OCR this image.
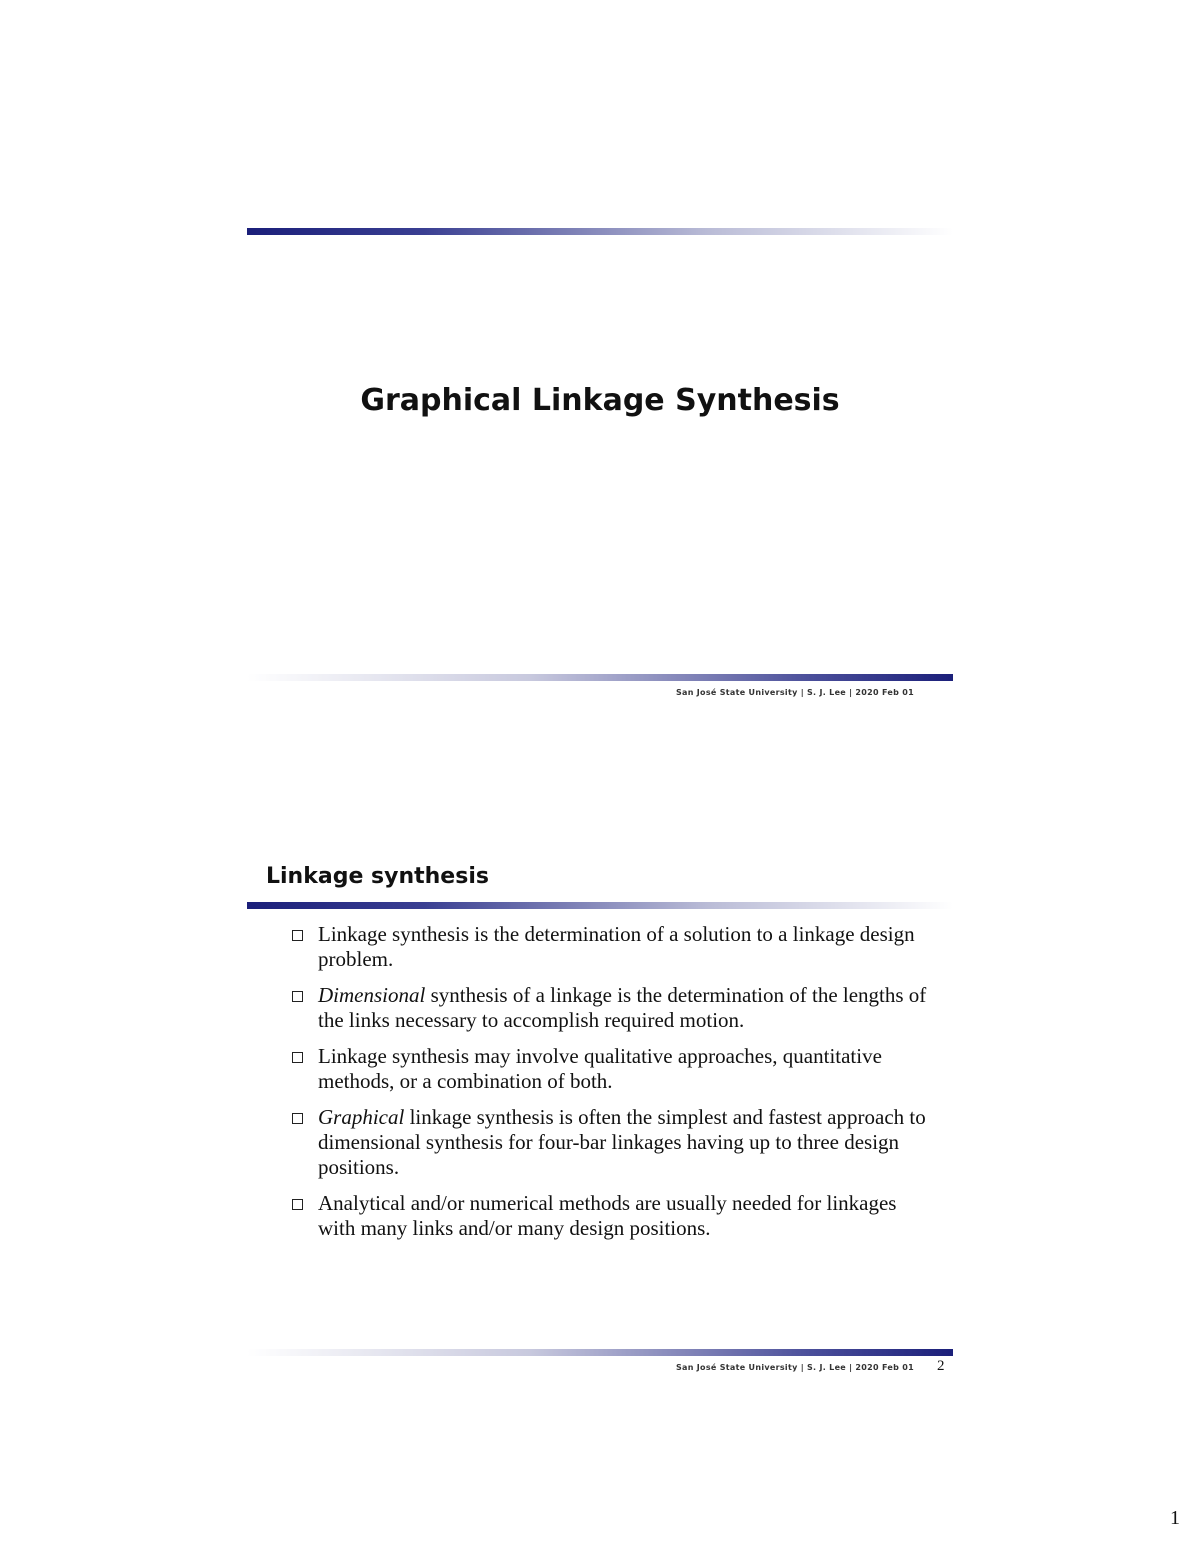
Graphical Linkage Synthesis
San José State University | S. J. Lee | 2020 Feb 01
Linkage synthesis
Linkage synthesis is the determination of a solution to a linkage design problem.
Dimensional synthesis of a linkage is the determination of the lengths of the links necessary to accomplish required motion.
Linkage synthesis may involve qualitative approaches, quantitative methods, or a combination of both.
Graphical linkage synthesis is often the simplest and fastest approach to dimensional synthesis for four-bar linkages having up to three design positions.
Analytical and/or numerical methods are usually needed for linkages with many links and/or many design positions.
San José State University | S. J. Lee | 2020 Feb 01 2
1
